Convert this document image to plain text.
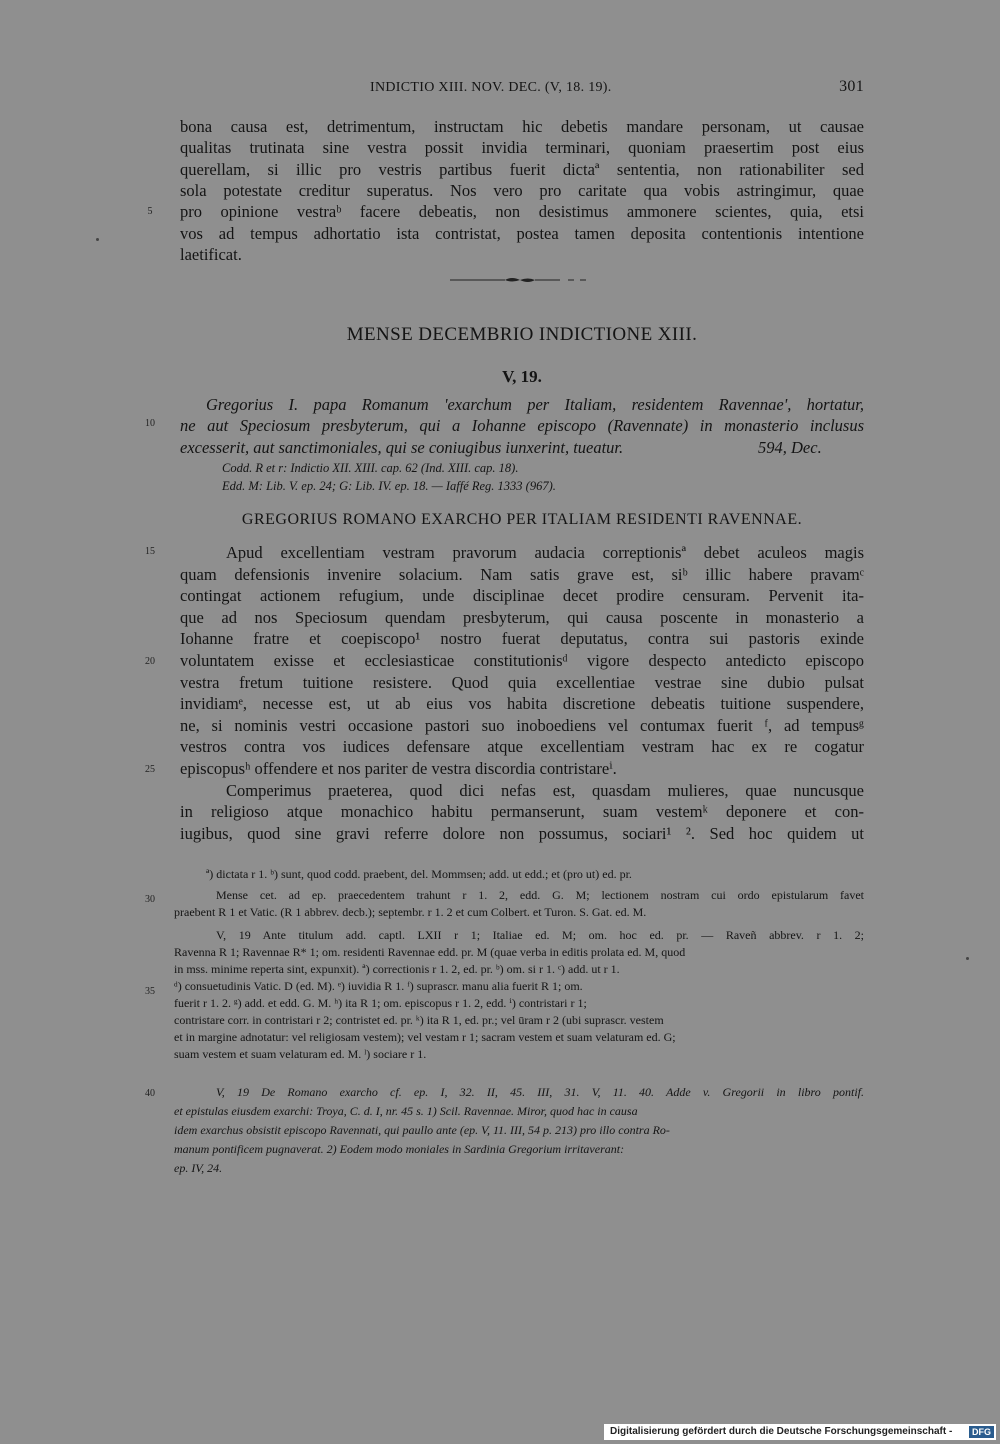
INDICTIO XIII. NOV. DEC. (V, 18. 19).	301
bona causa est, detrimentum, instructam hic debetis mandare personam, ut causae
qualitas trutinata sine vestra possit invidia terminari, quoniam praesertim post eius
querellam, si illic pro vestris partibus fuerit dictaª sententia, non rationabiliter sed
sola potestate creditur superatus. Nos vero pro caritate qua vobis astringimur, quae
pro opinione vestraᵇ facere debeatis, non desistimus ammonere scientes, quia, etsi
vos ad tempus adhortatio ista contristat, postea tamen deposita contentionis intentione
laetificat.
MENSE DECEMBRIO INDICTIONE XIII.
V, 19.
Gregorius I. papa Romanum 'exarchum per Italiam, residentem Ravennae', hortatur,
ne aut Speciosum presbyterum, qui a Iohanne episcopo (Ravennate) in monasterio inclusus
excesserit, aut sanctimoniales, qui se coniugibus iunxerint, tueatur.	594, Dec.
Codd. R et r: Indictio XII. XIII. cap. 62 (Ind. XIII. cap. 18).
Edd. M: Lib. V. ep. 24; G: Lib. IV. ep. 18. — Iaffé Reg. 1333 (967).
GREGORIUS ROMANO EXARCHO PER ITALIAM RESIDENTI RAVENNAE.
Apud excellentiam vestram pravorum audacia correptionisª debet aculeos magis
quam defensionis invenire solacium. Nam satis grave est, siᵇ illic habere pravamᶜ
contingat actionem refugium, unde disciplinae decet prodire censuram. Pervenit ita-
que ad nos Speciosum quendam presbyterum, qui causa poscente in monasterio a
Iohanne fratre et coepiscopo¹ nostro fuerat deputatus, contra sui pastoris exinde
voluntatem exisse et ecclesiasticae constitutionisᵈ vigore despecto antedicto episcopo
vestra fretum tuitione resistere. Quod quia excellentiae vestrae sine dubio pulsat
invidiamᵉ, necesse est, ut ab eius vos habita discretione debeatis tuitione suspendere,
ne, si nominis vestri occasione pastori suo inoboediens vel contumax fuerit ᶠ, ad tempusᵍ
vestros contra vos iudices defensare atque excellentiam vestram hac ex re cogatur
episcopusʰ offendere et nos pariter de vestra discordia contristareⁱ.
Comperimus praeterea, quod dici nefas est, quasdam mulieres, quae nuncusque
in religioso atque monachico habitu permanserunt, suam vestemᵏ deponere et con-
iugibus, quod sine gravi referre dolore non possumus, sociari¹ ². Sed hoc quidem ut
ª) dictata r 1. ᵇ) sunt, quod codd. praebent, del. Mommsen; add. ut edd.; et (pro ut) ed. pr.
Mense cet. ad ep. praecedentem trahunt r 1. 2, edd. G. M; lectionem nostram cui ordo epistularum favet
praebent R 1 et Vatic. (R 1 abbrev. decb.); septembr. r 1. 2 et cum Colbert. et Turon. S. Gat. ed. M.
V, 19 Ante titulum add. captl. LXII r 1; Italiae ed. M; om. hoc ed. pr. — Raveñ abbrev. r 1. 2;
Ravenna R 1; Ravennae R* 1; om. residenti Ravennae edd. pr. M (quae verba in editis prolata ed. M, quod
in mss. minime reperta sint, expunxit). ª) correctionis r 1. 2, ed. pr. ᵇ) om. si r 1. ᶜ) add. ut r 1.
ᵈ) consuetudinis Vatic. D (ed. M). ᵉ) iuvidia R 1. ᶠ) suprascr. manu alia fuerit R 1; om.
fuerit r 1. 2. ᵍ) add. et edd. G. M. ʰ) ita R 1; om. episcopus r 1. 2, edd. ⁱ) contristari r 1;
contristare corr. in contristari r 2; contristet ed. pr. ᵏ) ita R 1, ed. pr.; vel ūram r 2 (ubi suprascr. vestem
et in margine adnotatur: vel religiosam vestem); vel vestam r 1; sacram vestem et suam velaturam ed. G;
suam vestem et suam velaturam ed. M. ˡ) sociare r 1.
V, 19 De Romano exarcho cf. ep. I, 32. II, 45. III, 31. V, 11. 40. Adde v. Gregorii in libro pontif.
et epistulas eiusdem exarchi: Troya, C. d. I, nr. 45 s. 1) Scil. Ravennae. Miror, quod hac in causa
idem exarchus obsistit episcopo Ravennati, qui paullo ante (ep. V, 11. III, 54 p. 213) pro illo contra Ro-
manum pontificem pugnaverat. 2) Eodem modo moniales in Sardinia Gregorium irritaverant:
ep. IV, 24.
5
10
15
20
25
30
35
40
Digitalisierung gefördert durch die Deutsche Forschungsgemeinschaft -	DFG
